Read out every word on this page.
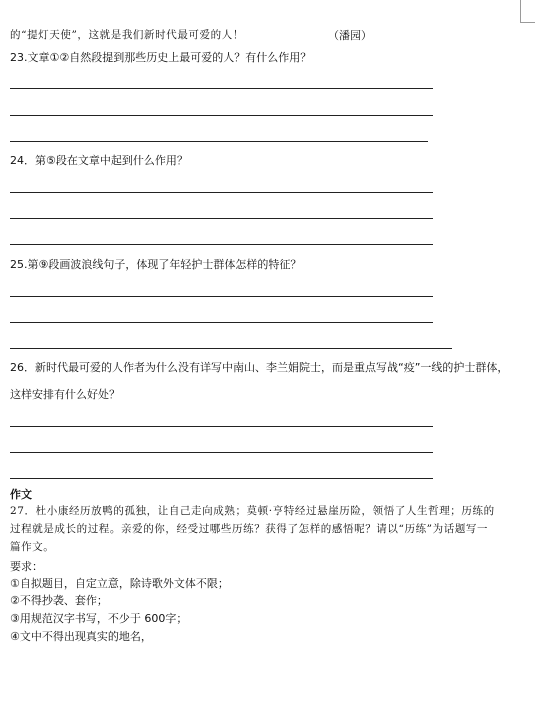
的“提灯天使”，这就是我们新时代最可爱的人！	（潘园）
23.文章①②自然段提到那些历史上最可爱的人？有什么作用？
24．第⑤段在文章中起到什么作用？
25.第⑨段画波浪线句子，体现了年轻护士群体怎样的特征？
26．新时代最可爱的人作者为什么没有详写中南山、李兰娟院士，而是重点写战“疫”一线的护士群体，
这样安排有什么好处？
作文
27．杜小康经历放鸭的孤独，让自己走向成熟；莫顿·亨特经过悬崖历险，领悟了人生哲理；历练的
过程就是成长的过程。亲爱的你，经受过哪些历练？获得了怎样的感悟呢？请以“历练”为话题写一
篇作文。
要求：
①自拟题目，自定立意，除诗歌外文体不限；
②不得抄袭、套作；
③用规范汉字书写，不少于 600字；
④文中不得出现真实的地名，
